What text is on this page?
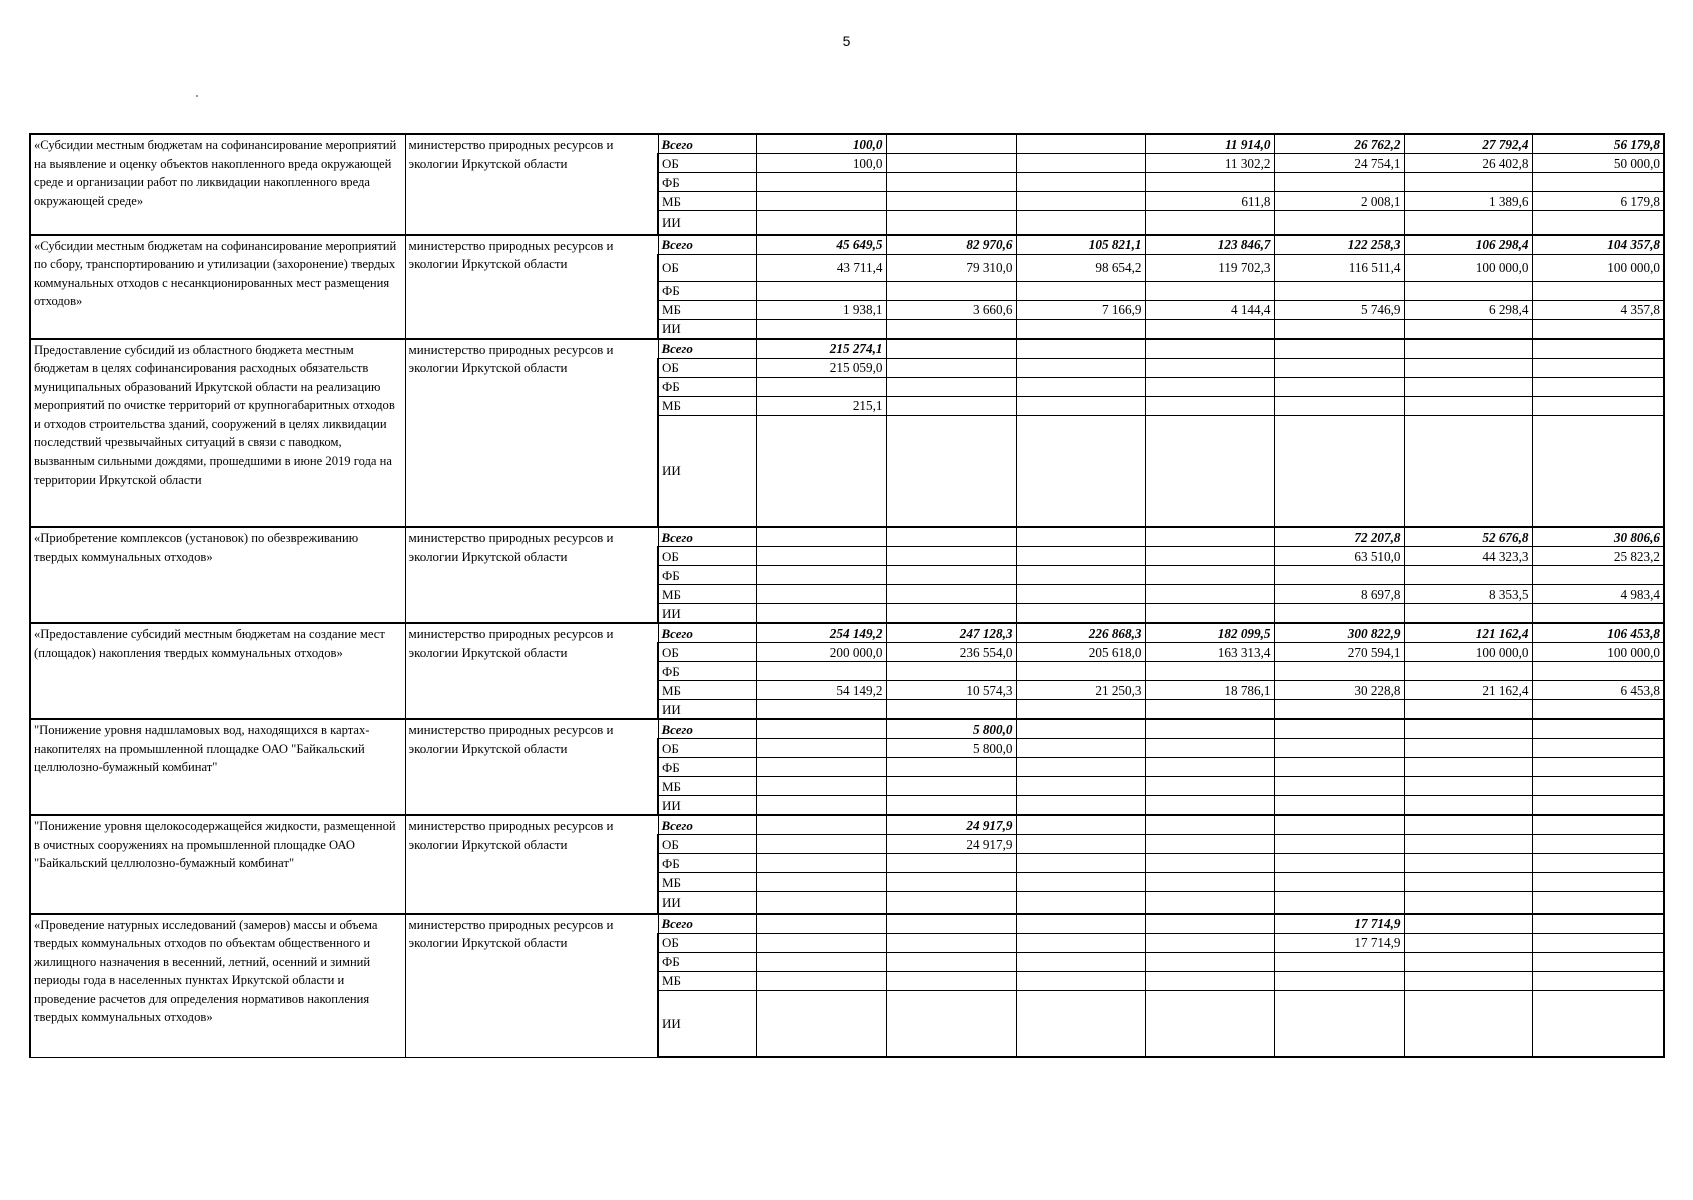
5
«Субсидии местным бюджетам на софинансирование мероприятий на выявление и оценку объектов накопленного вреда окружающей среде и организации работ по ликвидации накопленного вреда окружающей среде»	министерство природных ресурсов и экологии Иркутской области	Всего	100,0			11 914,0	26 762,2	27 792,4	56 179,8
		ОБ	100,0			11 302,2	24 754,1	26 402,8	50 000,0
		ФБ							
		МБ				611,8	2 008,1	1 389,6	6 179,8
		ИИ							
«Субсидии местным бюджетам на софинансирование мероприятий по сбору, транспортированию и утилизации (захоронение) твердых коммунальных отходов с несанкционированных мест размещения отходов»	министерство природных ресурсов и экологии Иркутской области	Всего	45 649,5	82 970,6	105 821,1	123 846,7	122 258,3	106 298,4	104 357,8
		ОБ	43 711,4	79 310,0	98 654,2	119 702,3	116 511,4	100 000,0	100 000,0
		ФБ							
		МБ	1 938,1	3 660,6	7 166,9	4 144,4	5 746,9	6 298,4	4 357,8
		ИИ							
Предоставление субсидий из областного бюджета местным бюджетам в целях софинансирования расходных обязательств муниципальных образований Иркутской области на реализацию мероприятий по очистке территорий от крупногабаритных отходов и отходов строительства зданий, сооружений в целях ликвидации последствий чрезвычайных ситуаций в связи с паводком, вызванным сильными дождями, прошедшими в июне 2019 года на территории Иркутской области	министерство природных ресурсов и экологии Иркутской области	Всего	215 274,1						
		ОБ	215 059,0						
		ФБ							
		МБ	215,1						
		ИИ							
«Приобретение комплексов (установок) по обезвреживанию твердых коммунальных отходов»	министерство природных ресурсов и экологии Иркутской области	Всего					72 207,8	52 676,8	30 806,6
		ОБ					63 510,0	44 323,3	25 823,2
		ФБ							
		МБ					8 697,8	8 353,5	4 983,4
		ИИ							
«Предоставление субсидий местным бюджетам на создание мест (площадок) накопления твердых коммунальных отходов»	министерство природных ресурсов и экологии Иркутской области	Всего	254 149,2	247 128,3	226 868,3	182 099,5	300 822,9	121 162,4	106 453,8
		ОБ	200 000,0	236 554,0	205 618,0	163 313,4	270 594,1	100 000,0	100 000,0
		ФБ							
		МБ	54 149,2	10 574,3	21 250,3	18 786,1	30 228,8	21 162,4	6 453,8
		ИИ							
"Понижение уровня надшламовых вод, находящихся в картах-накопителях на промышленной площадке ОАО "Байкальский целлюлозно-бумажный комбинат"	министерство природных ресурсов и экологии Иркутской области	Всего		5 800,0					
		ОБ		5 800,0					
		ФБ							
		МБ							
		ИИ							
"Понижение уровня щелокосодержащейся жидкости, размещенной в очистных сооружениях на промышленной площадке ОАО "Байкальский целлюлозно-бумажный комбинат"	министерство природных ресурсов и экологии Иркутской области	Всего		24 917,9					
		ОБ		24 917,9					
		ФБ							
		МБ							
		ИИ							
«Проведение натурных исследований (замеров) массы и объема твердых коммунальных отходов по объектам общественного и жилищного назначения в весенний, летний, осенний и зимний периоды года в населенных пунктах Иркутской области и проведение расчетов для определения нормативов накопления твердых коммунальных отходов»	министерство природных ресурсов и экологии Иркутской области	Всего					17 714,9		
		ОБ					17 714,9		
		ФБ							
		МБ							
		ИИ							
